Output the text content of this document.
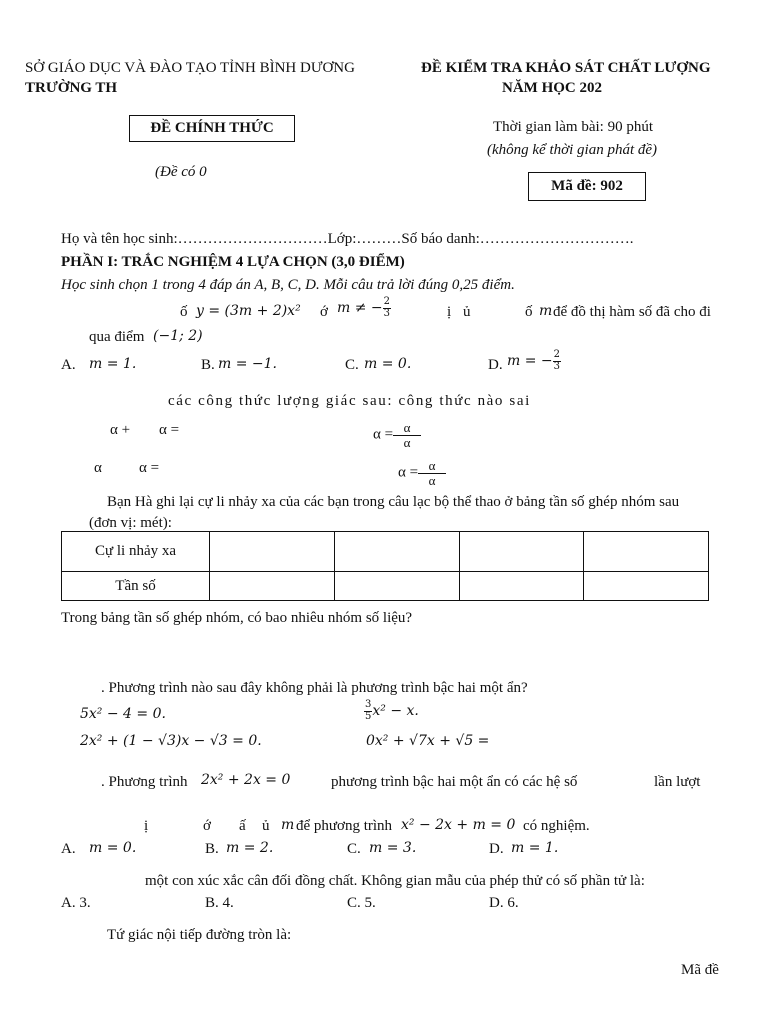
SỞ GIÁO DỤC VÀ ĐÀO TẠO TỈNH BÌNH DƯƠNG
TRƯỜNG TH
ĐỀ KIỂM TRA KHẢO SÁT CHẤT LƯỢNG
NĂM HỌC 202
ĐỀ CHÍNH THỨC	Thời gian làm bài: 90 phút
(không kể thời gian phát đề)
(Đề có 0
Mã đề: 902
Họ và tên học sinh:…………………………Lớp:………Số báo danh:………………………….
PHẦN I: TRẮC NGHIỆM 4 LỰA CHỌN (3,0 ĐIỂM)
Học sinh chọn 1 trong 4 đáp án A, B, C, D. Mỗi câu trả lời đúng 0,25 điểm.
ố y = (3m + 2)x² ớ m ≠ − $\frac{2}{3}$	ị ủ	ố m để đồ thị hàm số đã cho đi
qua điểm (−1; 2)
A. m = 1.	B. m = −1.	C. m = 0.	D. m = − $\frac{2}{3}$
các công thức lượng giác sau: công thức nào sai
α + α =	$\alpha = \frac{\alpha}{\alpha}$
α α =	$\alpha = \frac{\alpha}{\alpha}$
Bạn Hà ghi lại cự li nhảy xa của các bạn trong câu lạc bộ thể thao ở bảng tần số ghép nhóm sau
(đơn vị: mét):
Cự li nhảy xa				
Tần số				
Trong bảng tần số ghép nhóm, có bao nhiêu nhóm số liệu?
. Phương trình nào sau đây không phải là phương trình bậc hai một ẩn?
5x² − 4 = 0.	$\frac{3}{5} x^2 - x$.
2x² + (1 − √3)x − √3 = 0.	0x² + √7x + √5 =
. Phương trình 2x² + 2x = 0	phương trình bậc hai một ẩn có các hệ số	lần lượt
ị	ớ ấ ủ m để phương trình x² − 2x + m = 0 có nghiệm.
A. m = 0.	B. m = 2.	C. m = 3.	D. m = 1.
một con xúc xắc cân đối đồng chất. Không gian mẫu của phép thử có số phần tử là:
A. 3.	B. 4.	C. 5.	D. 6.
Tứ giác nội tiếp đường tròn là:
Mã đề
